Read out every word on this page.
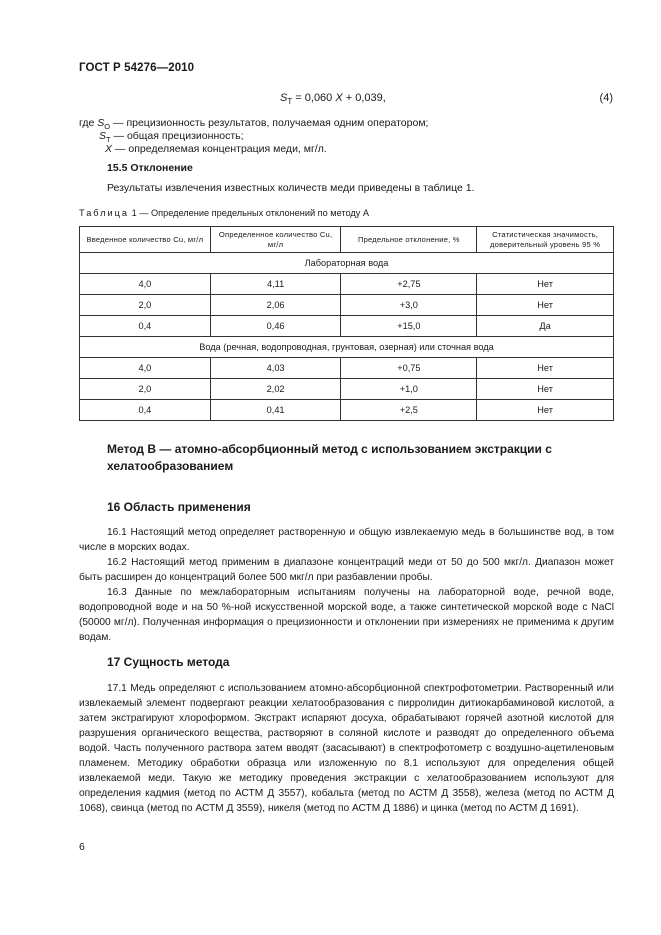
ГОСТ Р 54276—2010
$S_T = 0,060$ X + 0,039,	(4)
где $S_O$ — прецизионность результатов, получаемая одним оператором;
$S_T$ — общая прецизионность;
X — определяемая концентрация меди, мг/л.
15.5 Отклонение
Результаты извлечения известных количеств меди приведены в таблице 1.
Таблица 1 — Определение предельных отклонений по методу А
Введенное количество Cu, мг/л	Определенное количество Cu, мг/л	Предельное отклонение, %	Статистическая значимость, доверительный уровень 95 %
Лабораторная вода			
4,0	4,11	+2,75	Нет
2,0	2,06	+3,0	Нет
0,4	0,46	+15,0	Да
Вода (речная, водопроводная, грунтовая, озерная) или сточная вода			
4,0	4,03	+0,75	Нет
2,0	2,02	+1,0	Нет
0,4	0,41	+2,5	Нет
Метод В — атомно-абсорбционный метод с использованием экстракции с хелатообразованием
16 Область применения

16.1 Настоящий метод определяет растворенную и общую извлекаемую медь в большинстве вод, в том числе в морских водах.

16.2 Настоящий метод применим в диапазоне концентраций меди от 50 до 500 мкг/л. Диапазон может быть расширен до концентраций более 500 мкг/л при разбавлении пробы.

16.3 Данные по межлабораторным испытаниям получены на лабораторной воде, речной воде, водопроводной воде и на 50 %-ной искусственной морской воде, а также синтетической морской воде с NaCl (50000 мг/л). Полученная информация о прецизионности и отклонении при измерениях не применима к другим водам.

17 Сущность метода

17.1 Медь определяют с использованием атомно-абсорбционной спектрофотометрии. Растворенный или извлекаемый элемент подвергают реакции хелатообразования с пирролидин дитиокарбаминовой кислотой, а затем экстрагируют хлороформом. Экстракт испаряют досуха, обрабатывают горячей азотной кислотой для разрушения органического вещества, растворяют в соляной кислоте и разводят до определенного объема водой. Часть полученного раствора затем вводят (засасывают) в спектрофотометр с воздушно-ацетиленовым пламенем. Методику обработки образца или изложенную по 8.1 используют для определения общей извлекаемой меди. Такую же методику проведения экстракции с хелатообразованием используют для определения кадмия (метод по АСТМ Д 3557), кобальта (метод по АСТМ Д 3558), железа (метод по АСТМ Д 1068), свинца (метод по АСТМ Д 3559), никеля (метод по АСТМ Д 1886) и цинка (метод по АСТМ Д 1691).

6
